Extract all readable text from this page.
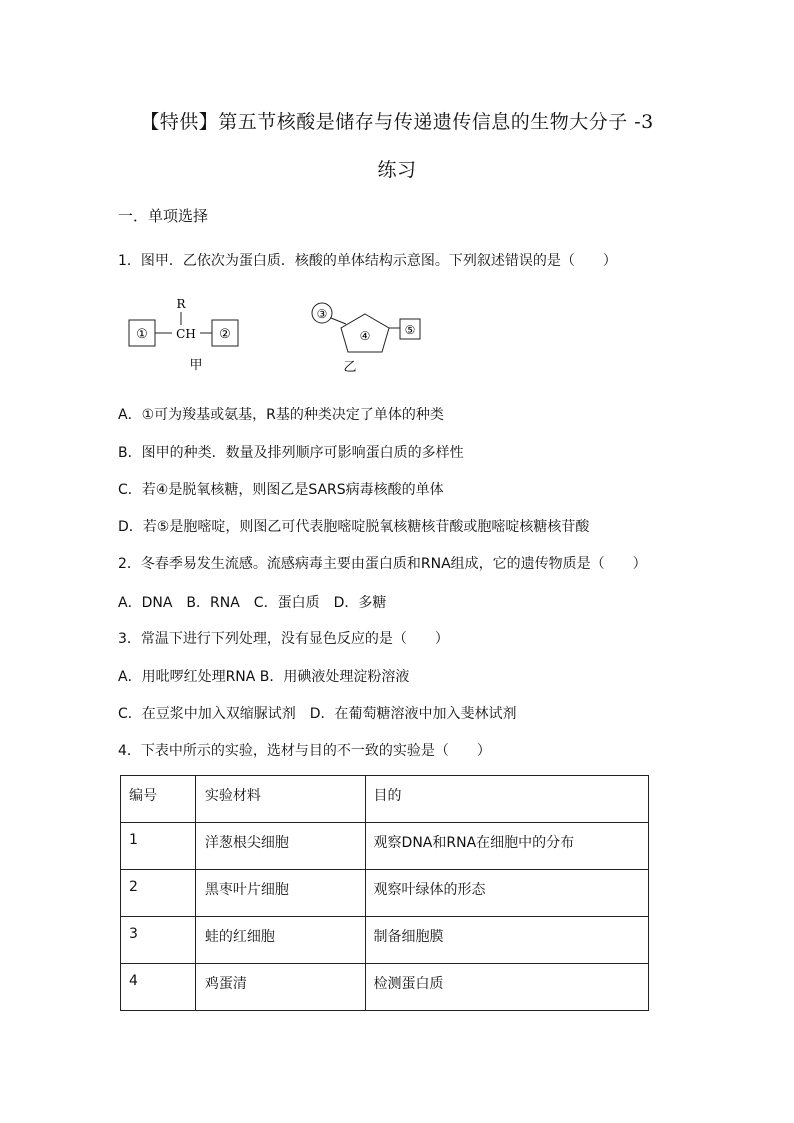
【特供】第五节核酸是储存与传递遗传信息的生物大分子 -3
练习
一．单项选择
1．图甲．乙依次为蛋白质．核酸的单体结构示意图。下列叙述错误的是（　　）
①
R
CH ②
甲
③
④	⑤
乙
A．①可为羧基或氨基，R基的种类决定了单体的种类
B．图甲的种类．数量及排列顺序可影响蛋白质的多样性
C．若④是脱氧核糖，则图乙是SARS病毒核酸的单体
D．若⑤是胞嘧啶，则图乙可代表胞嘧啶脱氧核糖核苷酸或胞嘧啶核糖核苷酸
2．冬春季易发生流感。流感病毒主要由蛋白质和RNA组成，它的遗传物质是（　　）
A．DNA　B．RNA　C．蛋白质　D．多糖
3．常温下进行下列处理，没有显色反应的是（　　）
A．用吡啰红处理RNA B．用碘液处理淀粉溶液
C．在豆浆中加入双缩脲试剂　D．在葡萄糖溶液中加入斐林试剂
4．下表中所示的实验，选材与目的不一致的实验是（　　）
编号	实验材料	目的
1	洋葱根尖细胞	观察DNA和RNA在细胞中的分布
2	黑枣叶片细胞	观察叶绿体的形态
3	蛙的红细胞	制备细胞膜
4	鸡蛋清	检测蛋白质
